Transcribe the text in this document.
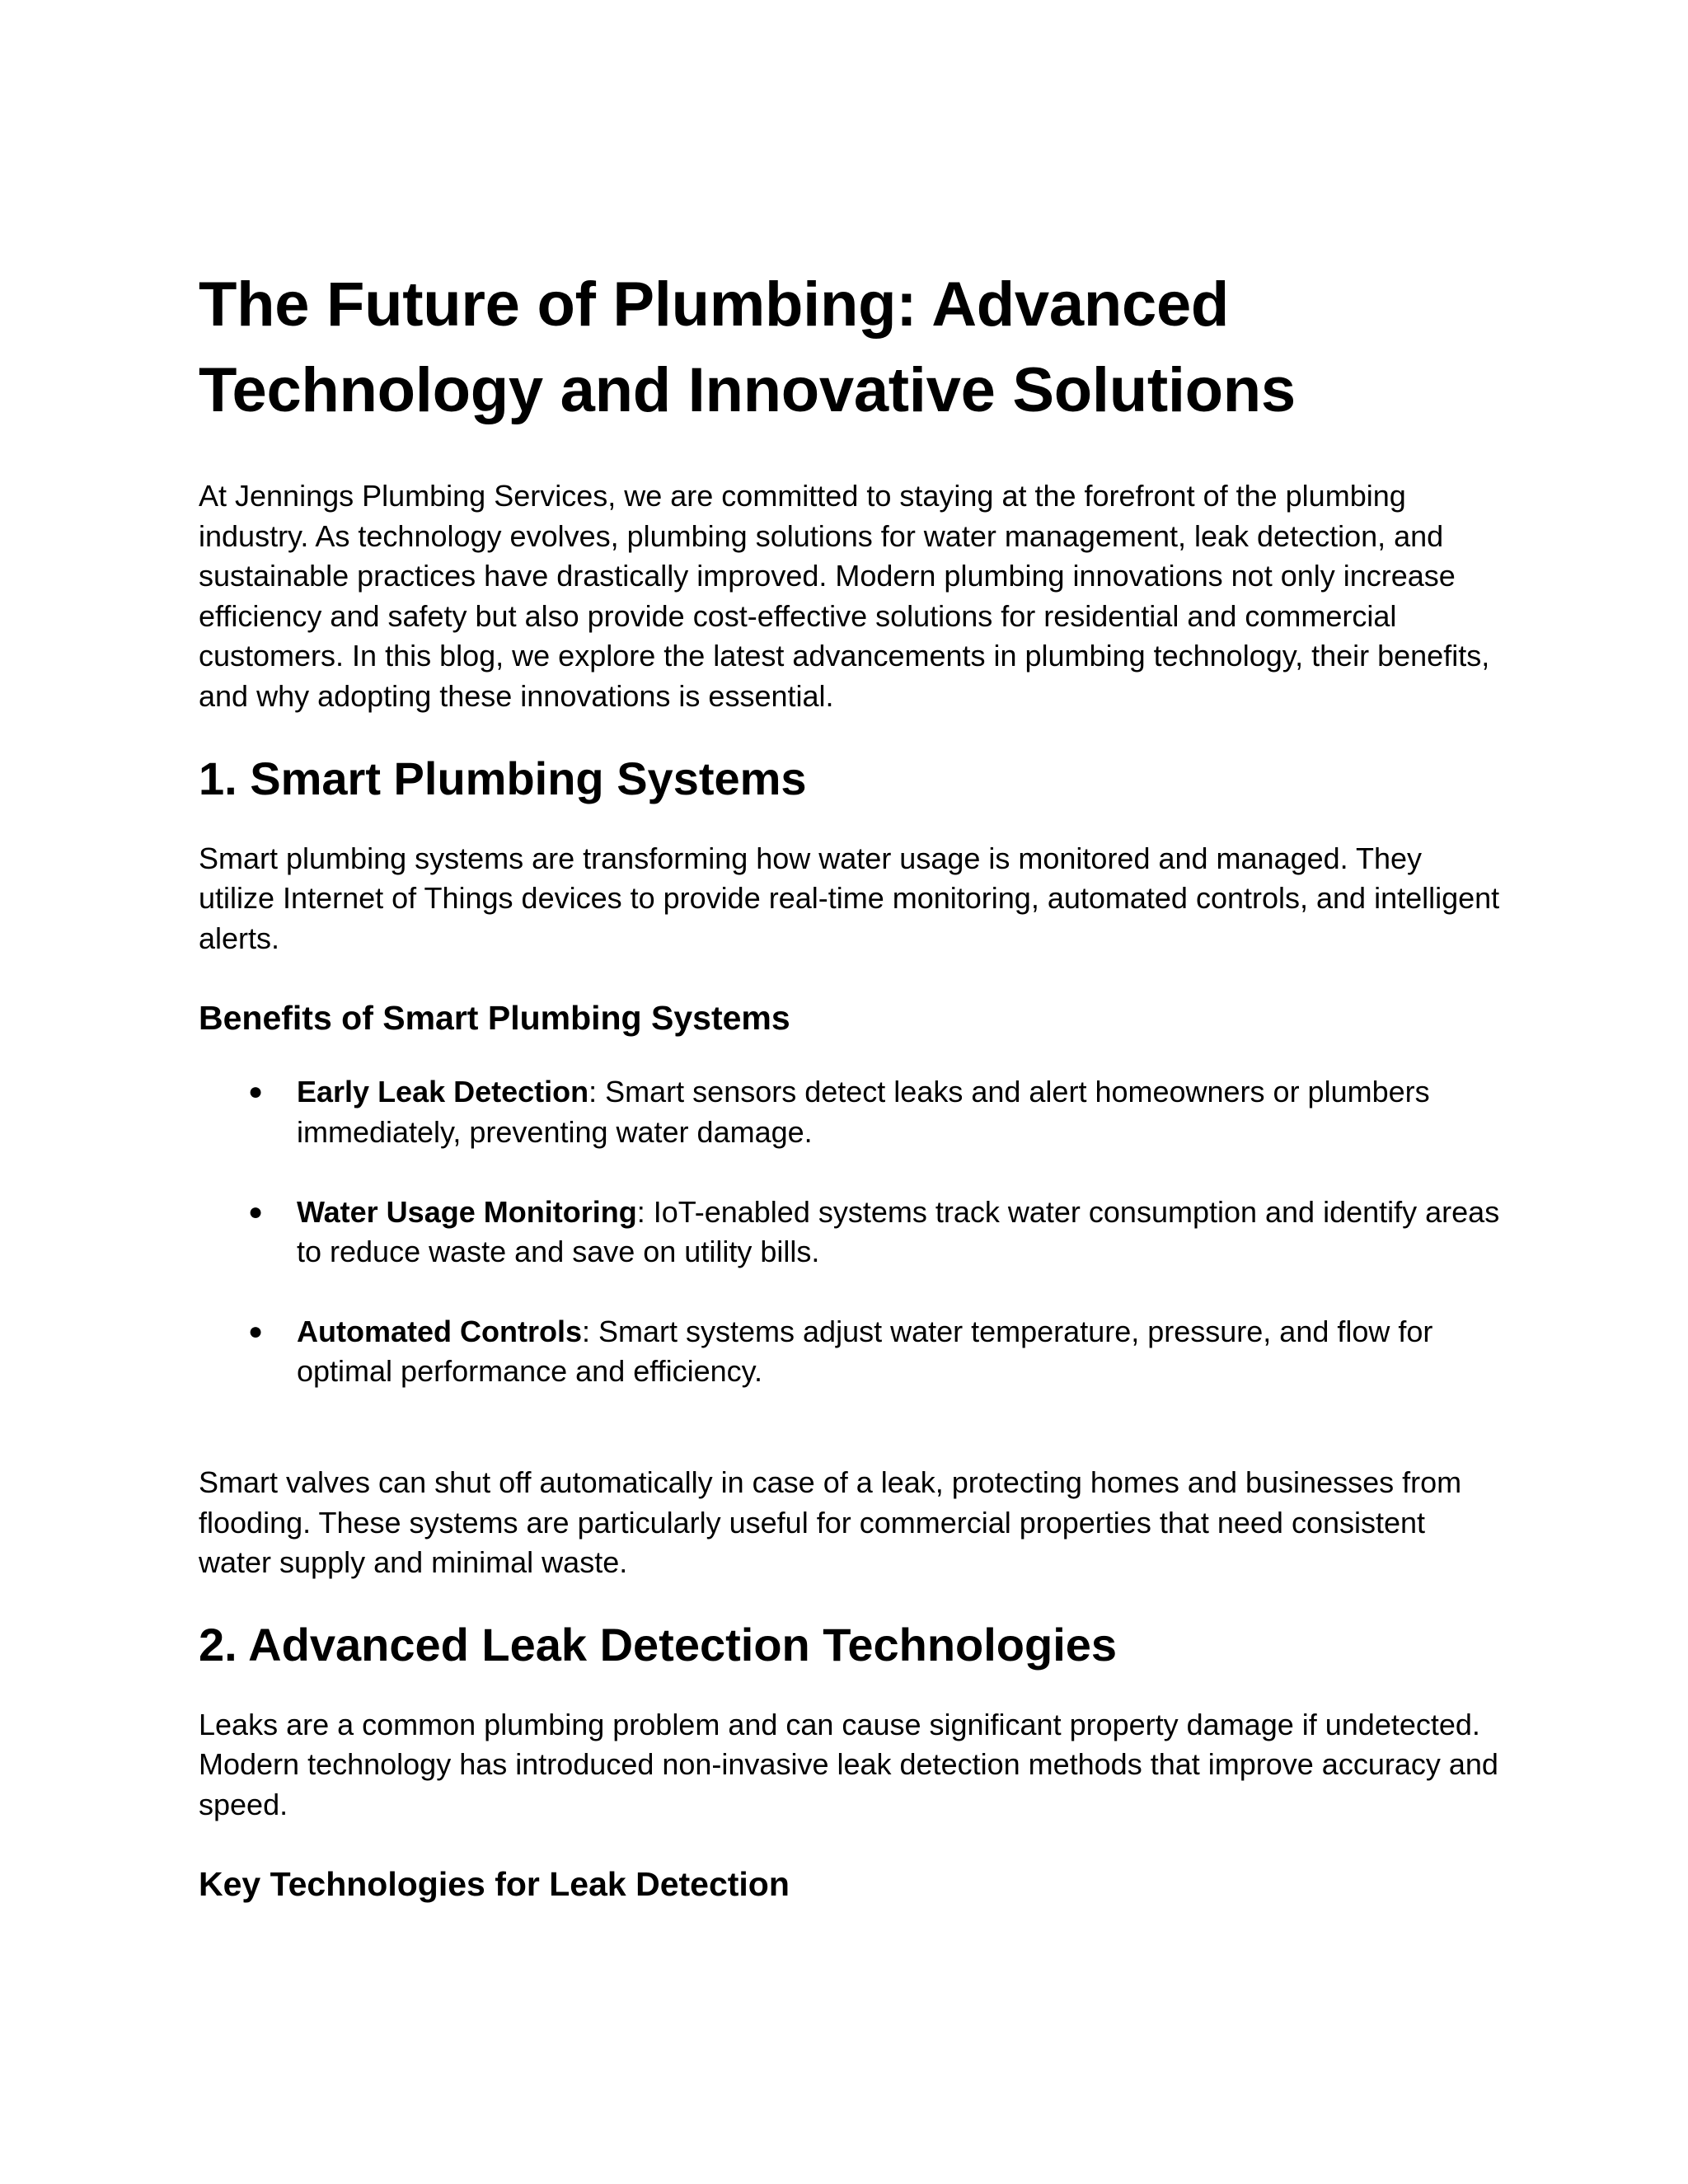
The Future of Plumbing: Advanced Technology and Innovative Solutions

At Jennings Plumbing Services, we are committed to staying at the forefront of the plumbing industry. As technology evolves, plumbing solutions for water management, leak detection, and sustainable practices have drastically improved. Modern plumbing innovations not only increase efficiency and safety but also provide cost-effective solutions for residential and commercial customers. In this blog, we explore the latest advancements in plumbing technology, their benefits, and why adopting these innovations is essential.

1. Smart Plumbing Systems

Smart plumbing systems are transforming how water usage is monitored and managed. They utilize Internet of Things devices to provide real-time monitoring, automated controls, and intelligent alerts.

Benefits of Smart Plumbing Systems
● Early Leak Detection: Smart sensors detect leaks and alert homeowners or plumbers immediately, preventing water damage.
● Water Usage Monitoring: IoT-enabled systems track water consumption and identify areas to reduce waste and save on utility bills.
● Automated Controls: Smart systems adjust water temperature, pressure, and flow for optimal performance and efficiency.

Smart valves can shut off automatically in case of a leak, protecting homes and businesses from flooding. These systems are particularly useful for commercial properties that need consistent water supply and minimal waste.

2. Advanced Leak Detection Technologies

Leaks are a common plumbing problem and can cause significant property damage if undetected. Modern technology has introduced non-invasive leak detection methods that improve accuracy and speed.

Key Technologies for Leak Detection
